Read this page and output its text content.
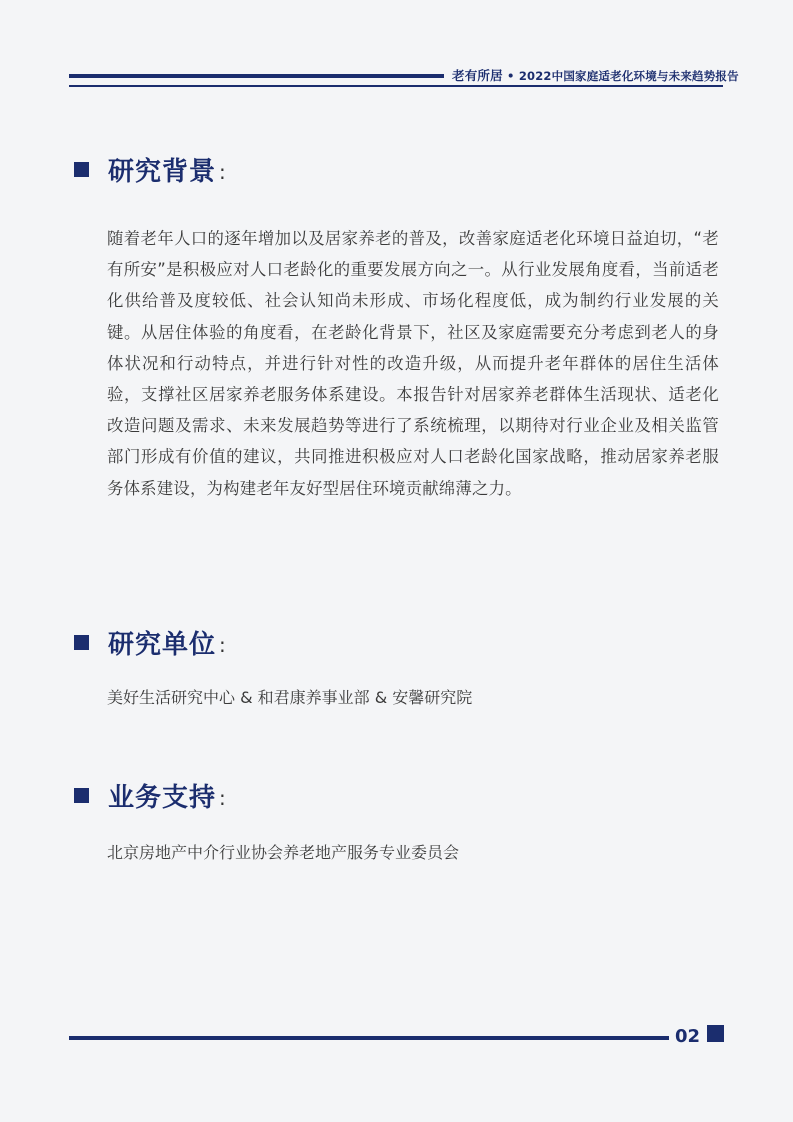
老有所居 • 2022中国家庭适老化环境与未来趋势报告
研究背景 :
随着老年人口的逐年增加以及居家养老的普及，改善家庭适老化环境日益迫切，“老有所安”是积极应对人口老龄化的重要发展方向之一。从行业发展角度看，当前适老化供给普及度较低、社会认知尚未形成、市场化程度低，成为制约行业发展的关键。从居住体验的角度看，在老龄化背景下，社区及家庭需要充分考虑到老人的身体状况和行动特点，并进行针对性的改造升级，从而提升老年群体的居住生活体验，支撑社区居家养老服务体系建设。本报告针对居家养老群体生活现状、适老化改造问题及需求、未来发展趋势等进行了系统梳理，以期待对行业企业及相关监管部门形成有价值的建议，共同推进积极应对人口老龄化国家战略，推动居家养老服务体系建设，为构建老年友好型居住环境贡献绵薄之力。
研究单位 :
美好生活研究中心 & 和君康养事业部 & 安馨研究院
业务支持 :
北京房地产中介行业协会养老地产服务专业委员会
02
